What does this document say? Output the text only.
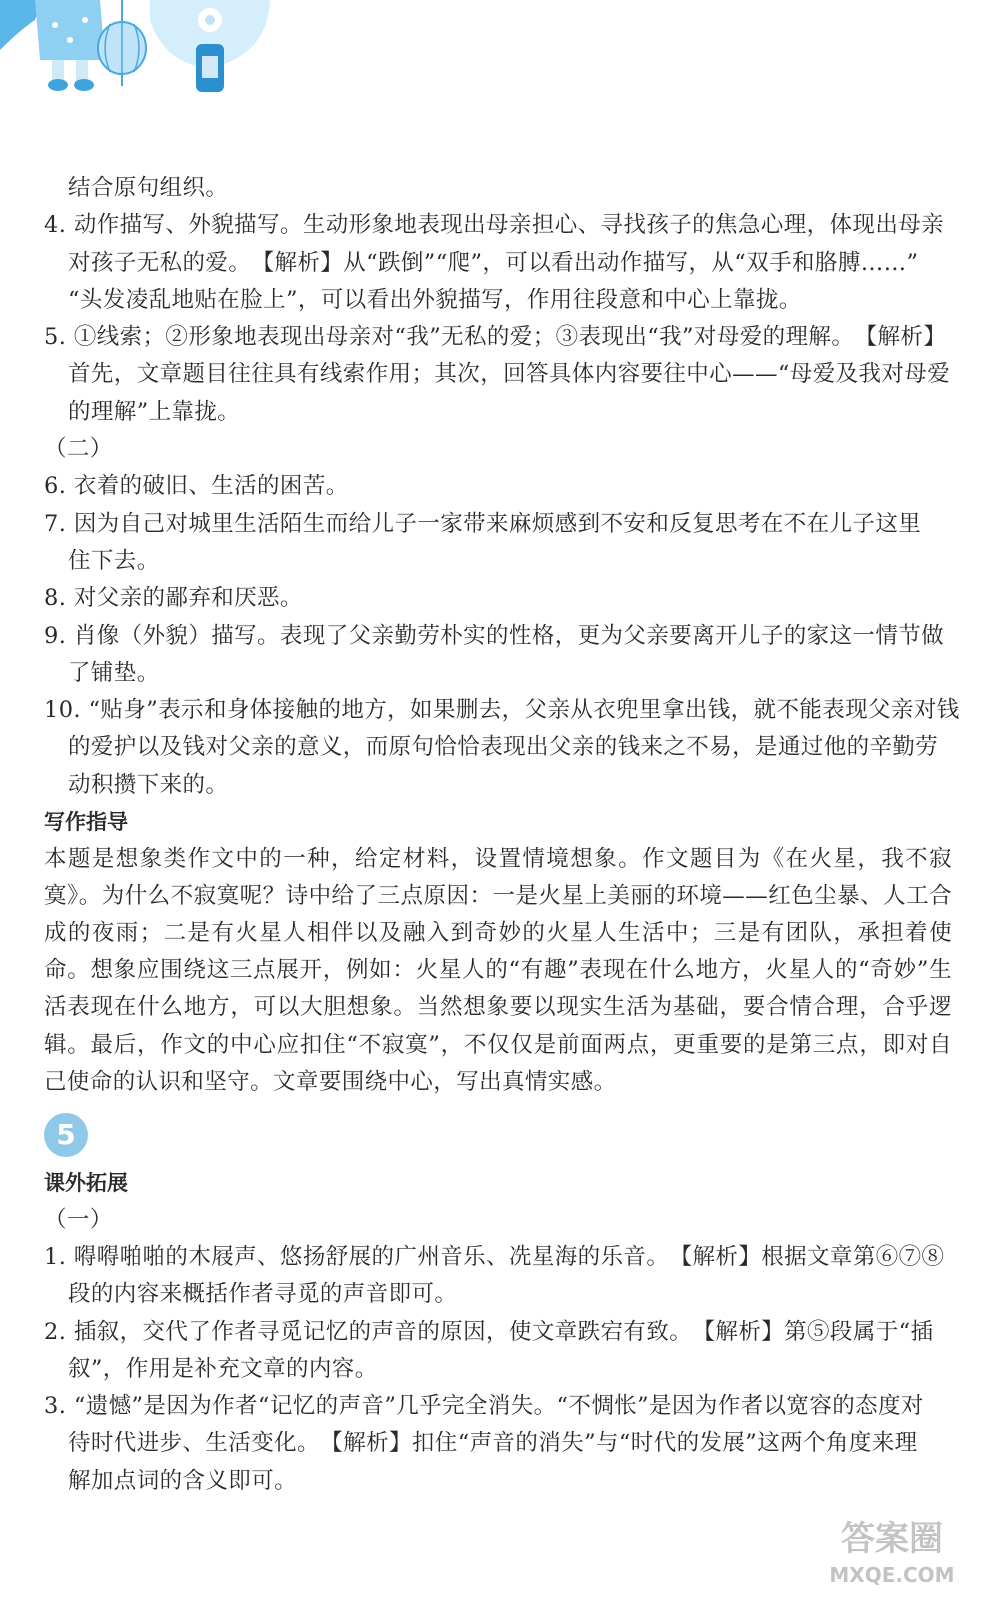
结合原句组织。
4. 动作描写、外貌描写。生动形象地表现出母亲担心、寻找孩子的焦急心理，体现出母亲
对孩子无私的爱。　【解析】从“跌倒”“爬”，可以看出动作描写，从“双手和胳膊……”
“头发凌乱地贴在脸上”，可以看出外貌描写，作用往段意和中心上靠拢。
5. ①线索；②形象地表现出母亲对“我”无私的爱；③表现出“我”对母爱的理解。　【解析】
首先，文章题目往往具有线索作用；其次，回答具体内容要往中心——“母爱及我对母爱
的理解”上靠拢。
（二）
6. 衣着的破旧、生活的困苦。
7. 因为自己对城里生活陌生而给儿子一家带来麻烦感到不安和反复思考在不在儿子这里
住下去。
8. 对父亲的鄙弃和厌恶。
9. 肖像（外貌）描写。表现了父亲勤劳朴实的性格，更为父亲要离开儿子的家这一情节做
了铺垫。
10. “贴身”表示和身体接触的地方，如果删去，父亲从衣兜里拿出钱，就不能表现父亲对钱
的爱护以及钱对父亲的意义，而原句恰恰表现出父亲的钱来之不易，是通过他的辛勤劳
动积攒下来的。
写作指导
本题是想象类作文中的一种，给定材料，设置情境想象。作文题目为《在火星，我不寂寞》。为什么不寂寞呢？诗中给了三点原因：一是火星上美丽的环境——红色尘暴、人工合成的夜雨；二是有火星人相伴以及融入到奇妙的火星人生活中；三是有团队，承担着使命。想象应围绕这三点展开，例如：火星人的“有趣”表现在什么地方，火星人的“奇妙”生活表现在什么地方，可以大胆想象。当然想象要以现实生活为基础，要合情合理，合乎逻辑。最后，作文的中心应扣住“不寂寞”，不仅仅是前面两点，更重要的是第三点，即对自己使命的认识和坚守。文章要围绕中心，写出真情实感。
5
课外拓展
（一）
1. 嘚嘚啪啪的木屐声、悠扬舒展的广州音乐、冼星海的乐音。　【解析】根据文章第⑥⑦⑧
段的内容来概括作者寻觅的声音即可。
2. 插叙，交代了作者寻觅记忆的声音的原因，使文章跌宕有致。　【解析】第⑤段属于“插
叙”，作用是补充文章的内容。
3. “遗憾”是因为作者“记忆的声音”几乎完全消失。“不惆怅”是因为作者以宽容的态度对
待时代进步、生活变化。　【解析】扣住“声音的消失”与“时代的发展”这两个角度来理
解加点词的含义即可。
答案圈
MXQE.COM
